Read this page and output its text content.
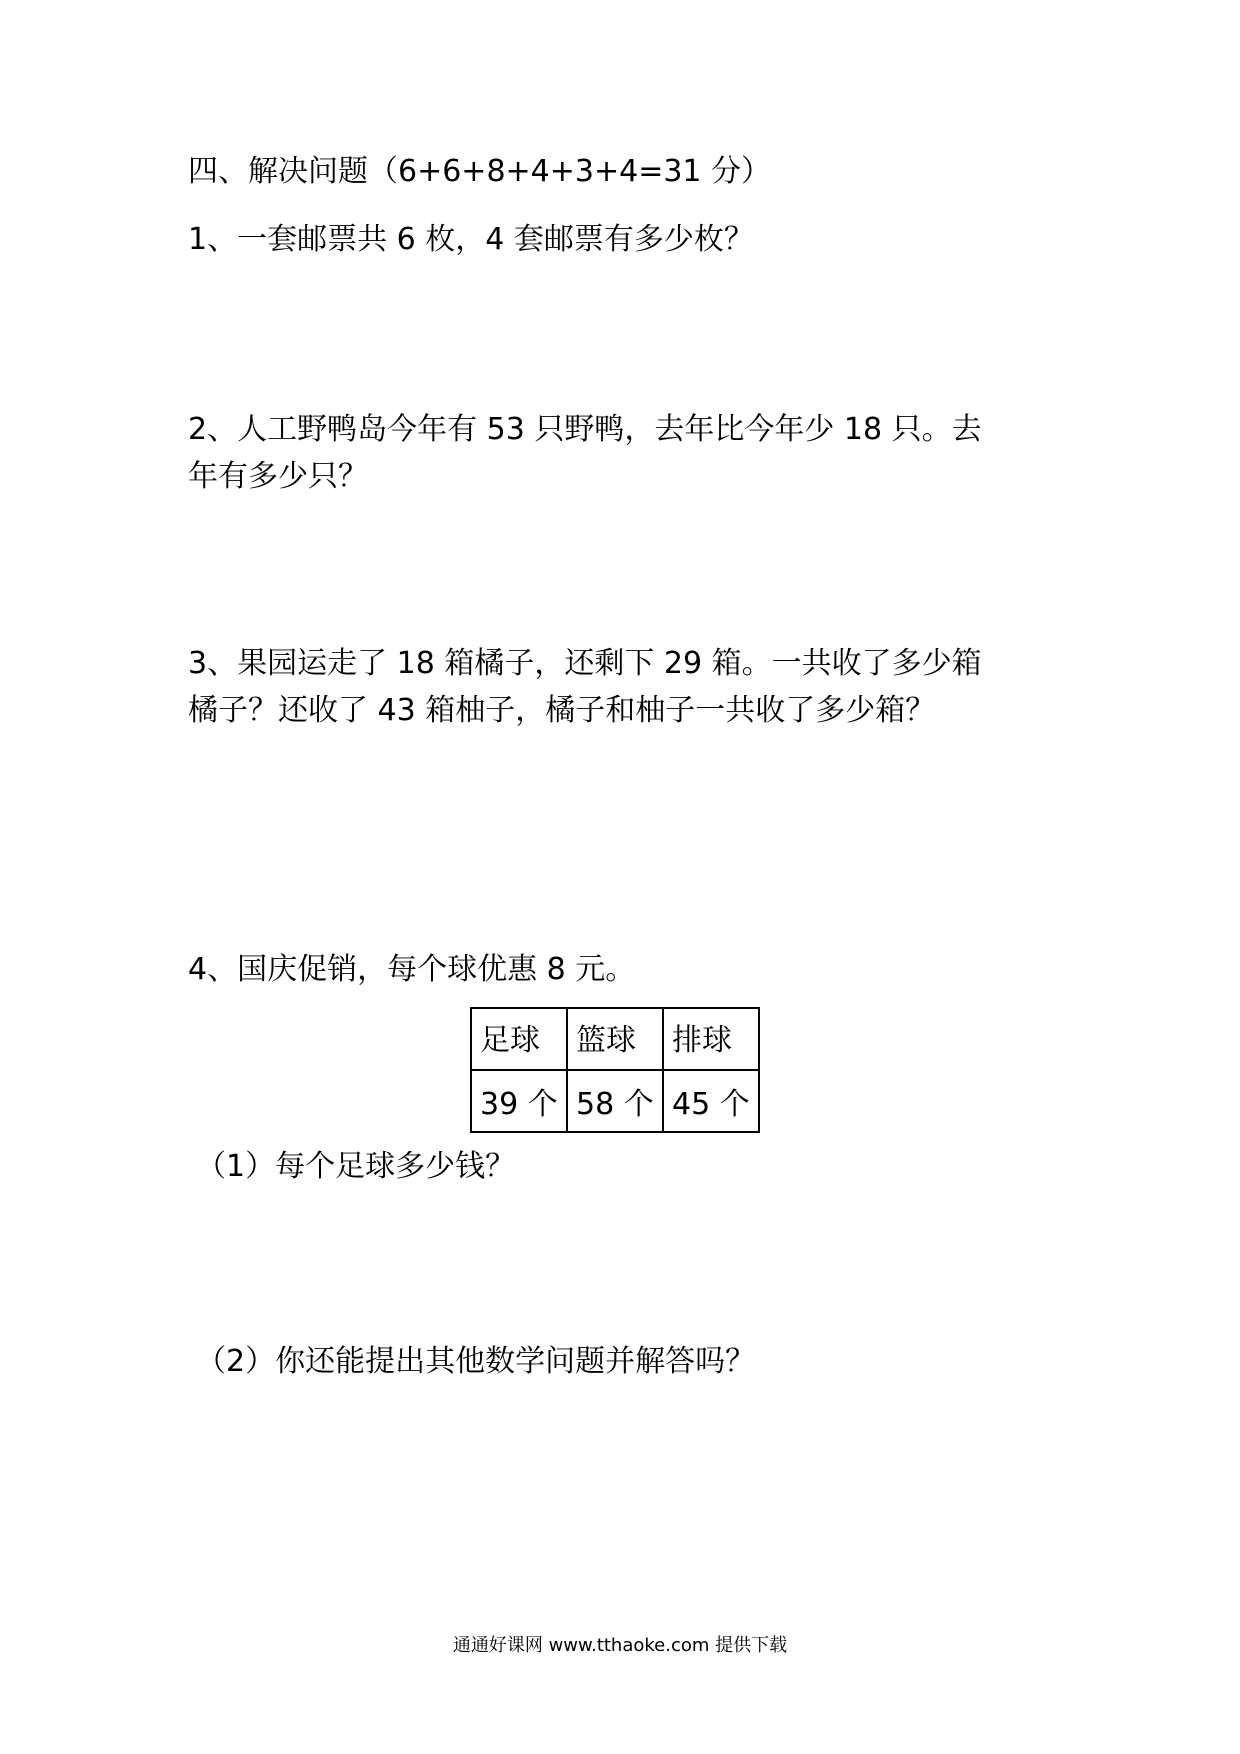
四、解决问题（6+6+8+4+3+4=31 分）
1、一套邮票共 6 枚，4 套邮票有多少枚？
2、人工野鸭岛今年有 53 只野鸭，去年比今年少 18 只。去
年有多少只？
3、果园运走了 18 箱橘子，还剩下 29 箱。一共收了多少箱
橘子？还收了 43 箱柚子，橘子和柚子一共收了多少箱？
4、国庆促销，每个球优惠 8 元。
足球	篮球	排球
39 个	58 个	45 个
（1）每个足球多少钱？
（2）你还能提出其他数学问题并解答吗？
通通好课网 www.tthaoke.com 提供下载
